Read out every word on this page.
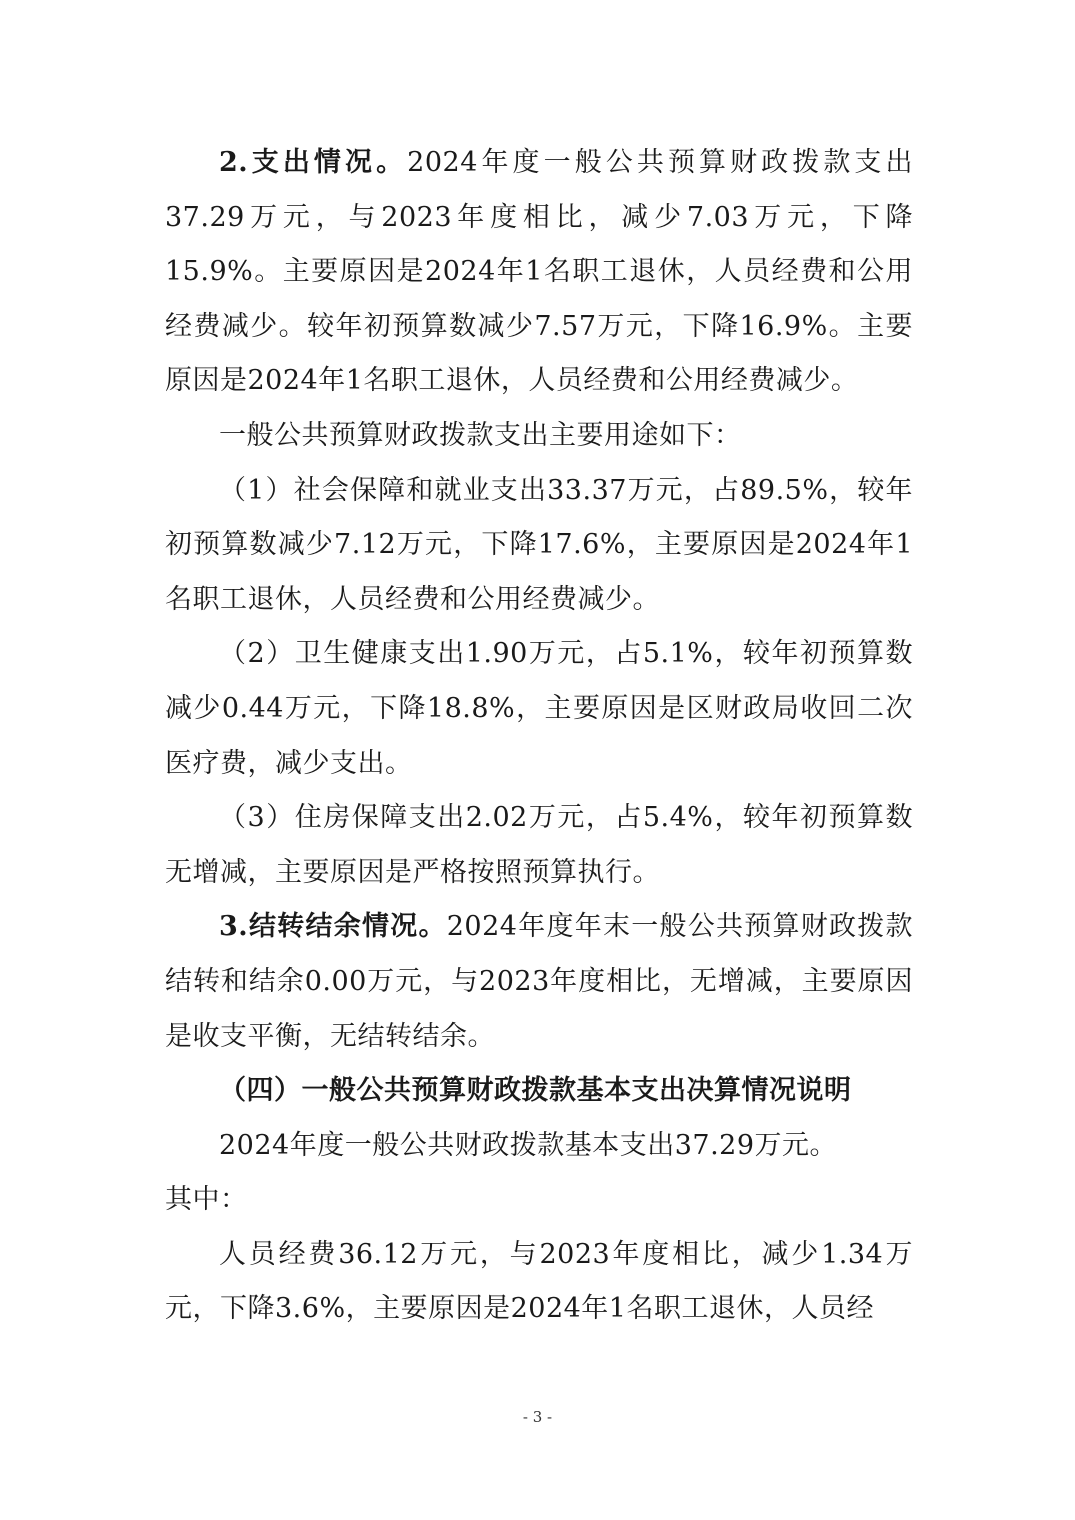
2.支出情况。2024年度一般公共预算财政拨款支出37.29万元，与2023年度相比，减少7.03万元，下降15.9%。主要原因是2024年1名职工退休，人员经费和公用经费减少。较年初预算数减少7.57万元，下降16.9%。主要原因是2024年1名职工退休，人员经费和公用经费减少。

一般公共预算财政拨款支出主要用途如下：

（1）社会保障和就业支出33.37万元，占89.5%，较年初预算数减少7.12万元，下降17.6%，主要原因是2024年1名职工退休，人员经费和公用经费减少。

（2）卫生健康支出1.90万元，占5.1%，较年初预算数减少0.44万元，下降18.8%，主要原因是区财政局收回二次医疗费，减少支出。

（3）住房保障支出2.02万元，占5.4%，较年初预算数无增减，主要原因是严格按照预算执行。

3.结转结余情况。2024年度年末一般公共预算财政拨款结转和结余0.00万元，与2023年度相比，无增减，主要原因是收支平衡，无结转结余。

（四）一般公共预算财政拨款基本支出决算情况说明

2024年度一般公共财政拨款基本支出37.29万元。

其中：

人员经费36.12万元，与2023年度相比，减少1.34万元，下降3.6%，主要原因是2024年1名职工退休，人员经

- 3 -
